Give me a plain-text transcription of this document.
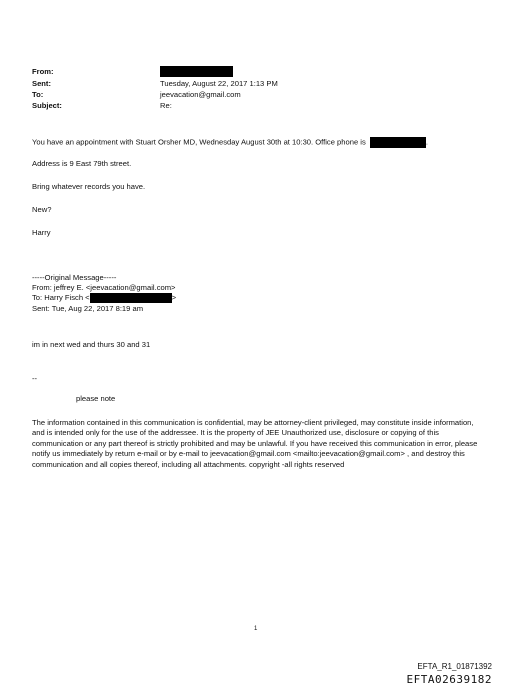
From:
Sent:	Tuesday, August 22, 2017 1:13 PM
To:	jeevacation@gmail.com
Subject:	Re:
You have an appointment with Stuart Orsher MD, Wednesday August 30th at 10:30. Office phone is	.
Address is 9 East 79th street.
Bring whatever records you have.
New?
Harry
-----Original Message-----
From: jeffrey E. <jeevacation@gmail.com>
To: Harry Fisch <	>
Sent: Tue, Aug 22, 2017 8:19 am
im in next wed and thurs 30 and 31
--
please note
The information contained in this communication is confidential, may be attorney-client privileged, may constitute inside information, and is intended only for the use of the addressee. It is the property of JEE Unauthorized use, disclosure or copying of this communication or any part thereof is strictly prohibited and may be unlawful. If you have received this communication in error, please notify us immediately by return e-mail or by e-mail to jeevacation@gmail.com <mailto:jeevacation@gmail.com> , and destroy this communication and all copies thereof, including all attachments. copyright -all rights reserved
1
EFTA_R1_01871392
EFTA02639182
